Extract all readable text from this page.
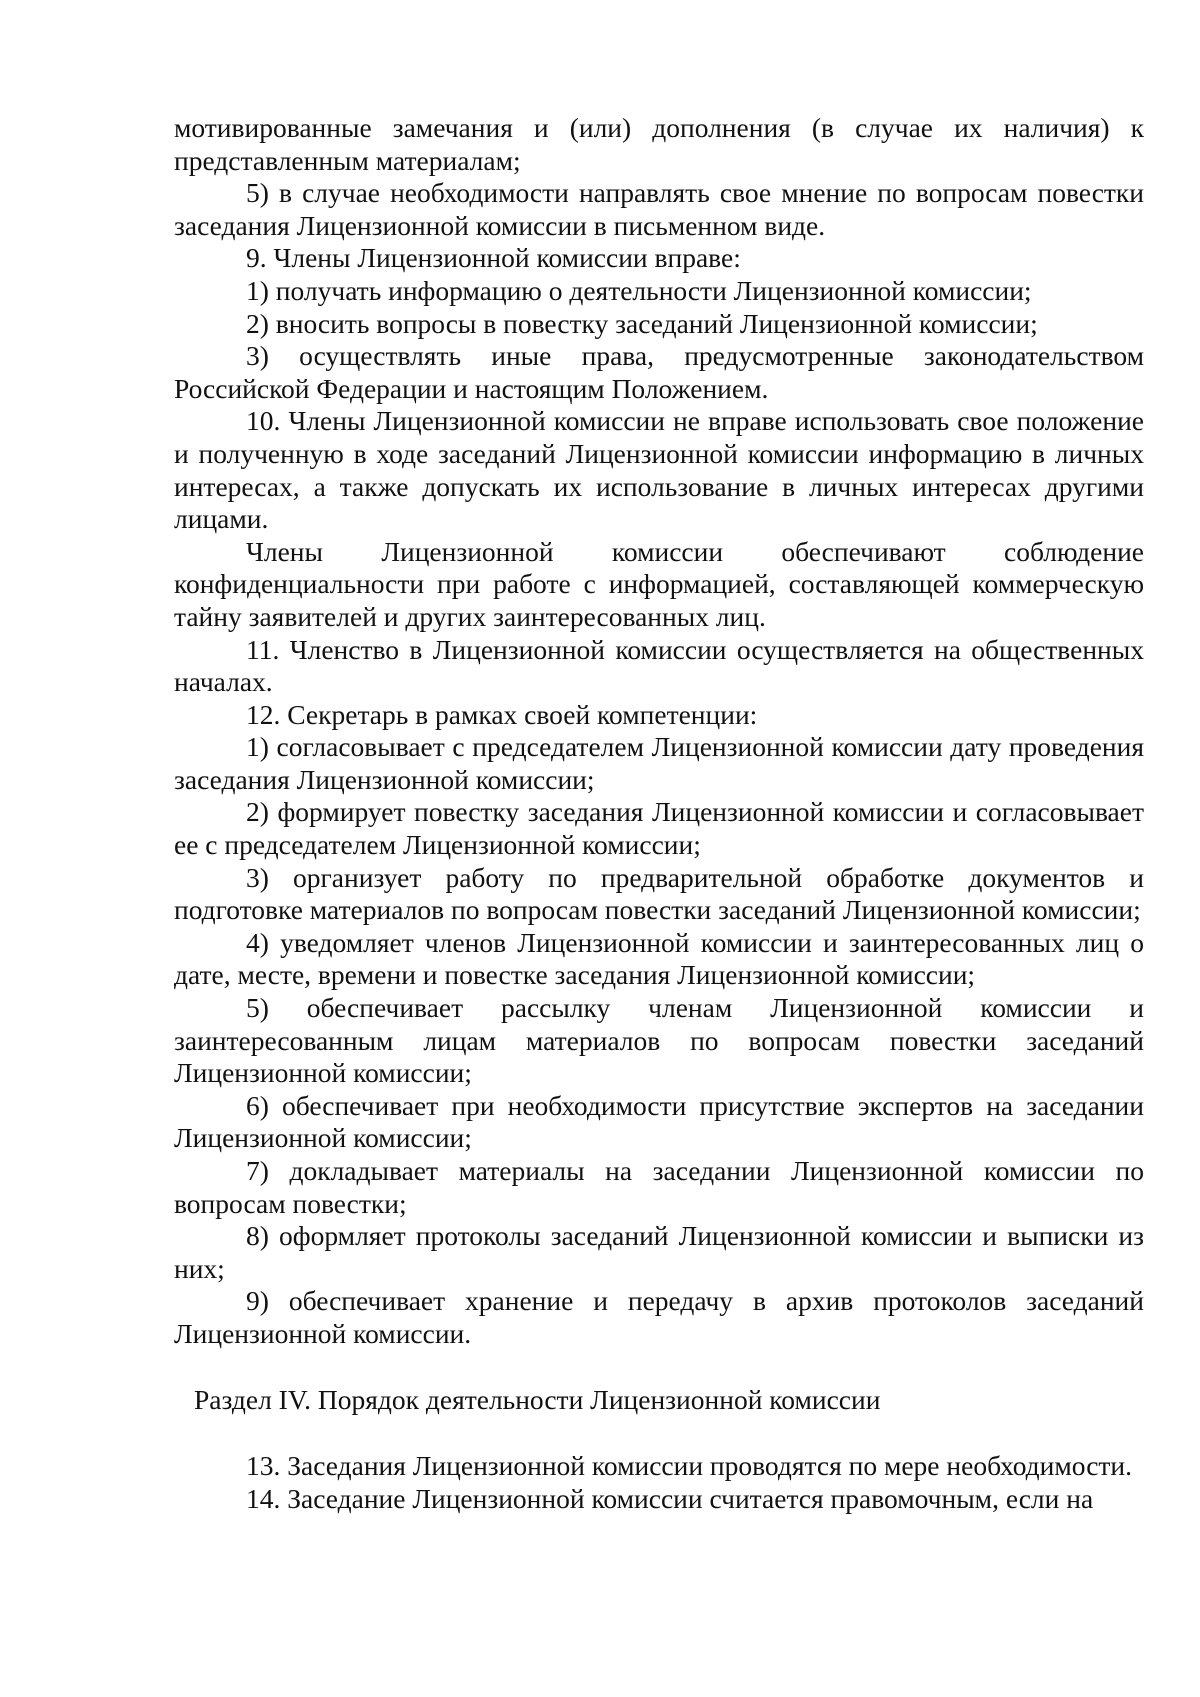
мотивированные замечания и (или) дополнения (в случае их наличия) к представленным материалам;

5) в случае необходимости направлять свое мнение по вопросам повестки заседания Лицензионной комиссии в письменном виде.

9. Члены Лицензионной комиссии вправе:

1) получать информацию о деятельности Лицензионной комиссии;

2) вносить вопросы в повестку заседаний Лицензионной комиссии;

3) осуществлять иные права, предусмотренные законодательством Российской Федерации и настоящим Положением.

10. Члены Лицензионной комиссии не вправе использовать свое положение и полученную в ходе заседаний Лицензионной комиссии информацию в личных интересах, а также допускать их использование в личных интересах другими лицами.

Члены Лицензионной комиссии обеспечивают соблюдение конфиденциальности при работе с информацией, составляющей коммерческую тайну заявителей и других заинтересованных лиц.

11. Членство в Лицензионной комиссии осуществляется на общественных началах.

12. Секретарь в рамках своей компетенции:

1) согласовывает с председателем Лицензионной комиссии дату проведения заседания Лицензионной комиссии;

2) формирует повестку заседания Лицензионной комиссии и согласовывает ее с председателем Лицензионной комиссии;

3) организует работу по предварительной обработке документов и подготовке материалов по вопросам повестки заседаний Лицензионной комиссии;

4) уведомляет членов Лицензионной комиссии и заинтересованных лиц о дате, месте, времени и повестке заседания Лицензионной комиссии;

5) обеспечивает рассылку членам Лицензионной комиссии и заинтересованным лицам материалов по вопросам повестки заседаний Лицензионной комиссии;

6) обеспечивает при необходимости присутствие экспертов на заседании Лицензионной комиссии;

7) докладывает материалы на заседании Лицензионной комиссии по вопросам повестки;

8) оформляет протоколы заседаний Лицензионной комиссии и выписки из них;

9) обеспечивает хранение и передачу в архив протоколов заседаний Лицензионной комиссии.

Раздел IV. Порядок деятельности Лицензионной комиссии

13. Заседания Лицензионной комиссии проводятся по мере необходимости.

14. Заседание Лицензионной комиссии считается правомочным, если на
